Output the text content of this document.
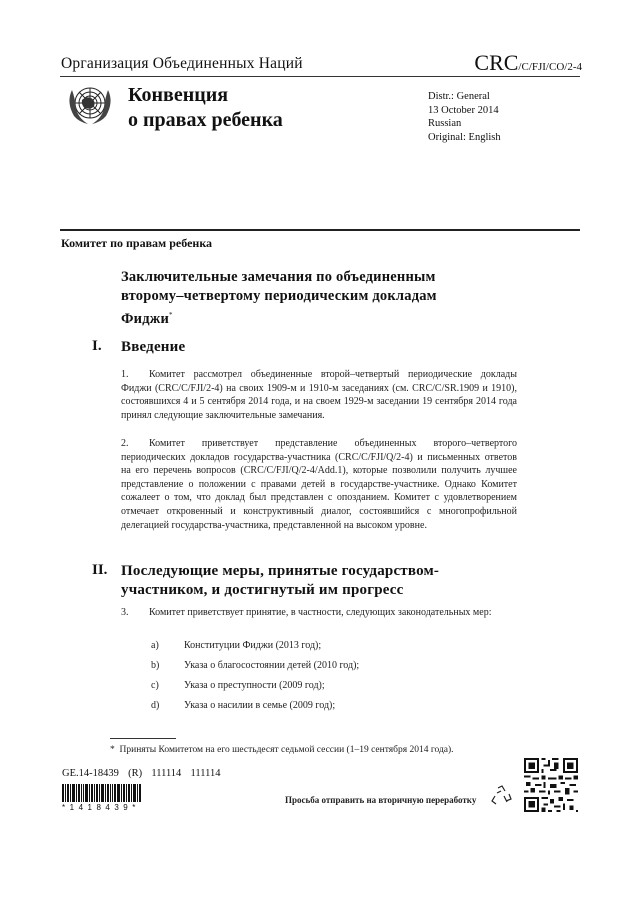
Организация Объединенных Наций	CRC/C/FJI/CO/2-4
Конвенция
о правах ребенка
Distr.: General
13 October 2014
Russian
Original: English
Комитет по правам ребенка
Заключительные замечания по объединенным
второму–четвертому периодическим докладам
Фиджи*
I. Введение
1. Комитет рассмотрел объединенные второй–четвертый периодические доклады Фиджи (CRC/C/FJI/2-4) на своих 1909-м и 1910-м заседаниях (см. CRC/C/SR.1909 и 1910), состоявшихся 4 и 5 сентября 2014 года, и на своем 1929-м заседании 19 сентября 2014 года принял следующие заключительные замечания.
2. Комитет приветствует представление объединенных второго–четвертого периодических докладов государства-участника (CRC/C/FJI/Q/2-4) и письменных ответов на его перечень вопросов (CRC/C/FJI/Q/2-4/Add.1), которые позволили получить лучшее представление о положении с правами детей в государстве-участнике. Однако Комитет сожалеет о том, что доклад был представлен с опозданием. Комитет с удовлетворением отмечает откровенный и конструктивный диалог, состоявшийся с многопрофильной делегацией государства-участника, представленной на высоком уровне.
II. Последующие меры, принятые государством-
участником, и достигнутый им прогресс
3. Комитет приветствует принятие, в частности, следующих законодательных мер:
a)	Конституции Фиджи (2013 год);
b) Указа о благосостоянии детей (2010 год);
c)	Указа о преступности (2009 год);
d) Указа о насилии в семье (2009 год);
* Приняты Комитетом на его шестьдесят седьмой сессии (1–19 сентября 2014 года).
GE.14-18439  (R)  111114  111114
*1418439*
Просьба отправить на вторичную переработку
